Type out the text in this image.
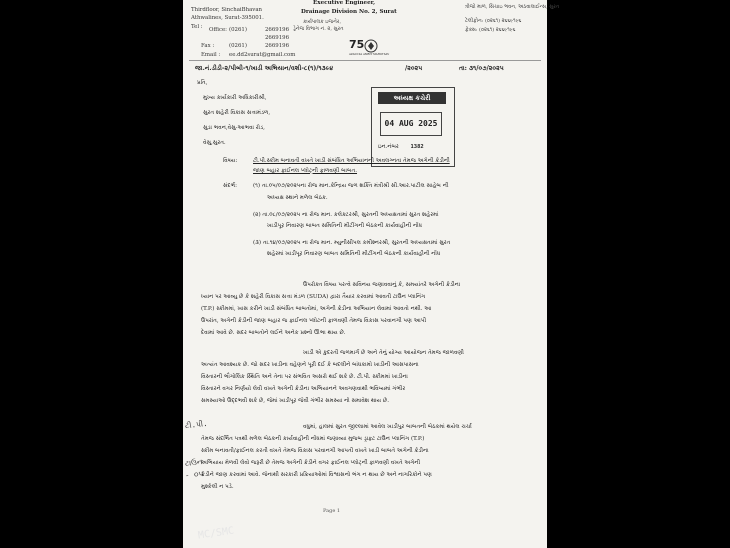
Thirdfloor, SinchaiBhavan
Athwalines, Surat-395001.
Tel : Office: (0261)	2669196
2669196
Fax :	(0261)	2669196
Email : ee.dd2surat@gmail.com
Executive Engineer,
Drainage Division No. 2, Surat
કાર્યપાલક ઇજનેર,
ડ્રેનેજ વિભાગ નં. ૨, સુરત
ત્રીજો માળ, સિંચાઇ ભવન, અઠવાલાઈન્સ, સુરત
ટેલીફોન: (૦૨૬૧) ૨૬૬૯૧૯૬
ફેક્સ: (૦૨૬૧) ૨૬૬૯૧૯૬
75
AZADI KA AMRIT MAHOTSAV
જા.નં.ડીડી-૨/પીબી-૧/ખાડી અભિયાન/વશી-૮(૧)/૧૩૯૪	/૨૦૨૫	તા: ૩૧/૦૭/૨૦૨૫
પ્રતિ,
મુખ્ય કાર્યકારી અધિકારીશ્રી,
સુરત શહેરી વિકાસ સત્તામંડળ,
સુડા ભવન,વેસુ-આભવા રોડ,
વેસુ,સુરત.
અધ્યક્ષ કચેરી
04 AUG 2025
ઇન.નંબર 1382
વિષય:	ટી.પી.સ્કીમ બનાવતી વખતે ખાડી સંબંધિત અભિયાનની અવલગ્નતા તેમજ અગેની ક્રેડીની
જાણ બહાર ફાઈનલ પ્લોટ્ની ફાળવણી બાબત.
સંદર્ભ:	(૧) તા.૦૫/૦૭/૨૦૨૫ના રોજ માન.કેન્દ્રિય જળ શક્તિ મંત્રીશ્રી સી.આર.પાટીલ સાહેબ ની
અધ્યક્ષ સ્થાને મળેલ બેઠક.
(૨) તા.૦૮/૦૭/૨૦૨૫ ના રોજ માન. કલેક્ટરશ્રી, સુરતની અધ્યક્ષતામાં સુરત શહેરમાં
ખાડીપૂર નિવારણ બાબત સમિતિની મીટીંગની બેઠકની કાર્યવાહીની નોંધ
(૩) તા.૧૪/૦૭/૨૦૨૫ ના રોજ માન. મ્યુનીસીપલ કમીશ્નરશ્રી, સુરતની અધ્યક્ષતામાં સુરત
શહેરમાં ખાડીપૂર નિવારણ બાબત સમિતિની મીટીંગની બેઠકની કાર્યવાહીની નોંધ
ઉપરોક્ત વિષય પરત્વે સવિનય જણાવવાનું કે, સમયાંતરે અગેની ક્રેડીના
ધ્યાન પર આવ્યુ છે કે શહેરી વિકાસ સત્તા મંડળ (SUDA) દ્વારા તૈયાર કરવામાં આવતી ટાઉન પ્લાનિંગ
(T.P.) સ્કીમમાં, ખાસ કરીને ખાડી સંબંધિત બાબતોમાં, અગેની ક્રેડીના અભિયાન લેવામાં આવતો નથી. આ
ઉપરાંત, અગેની ક્રેડીની જાણ બહાર જ ફાઈનલ પ્લોટની ફાળવણી તેમજ વિકાસ પરવાનગી પણ આપી
દેવામાં આવે છે. સદર બાબતોને લઈને અનેક પ્રશ્નો ઊભા થાય છે.
ખાડી એ કુદરતી જળમાર્ગ છે અને તેનું યોગ્ય આયોજન તેમજ જાળવણી
અત્યંત આવશ્યક છે. જો સદર ખાડીના વહેણને પૂરી દઈ કે બદલીને બાંધકામો ખાડીની આસપાસના
વિસ્તારની ભૌગોલિક સ્થિતિ અને તેના પર સંભવિત અસરો થઈ શકે છે. ટી.પી. સ્કીમમાં ખાડીના
વિસ્તારને વગર નિર્ણયો લેવી વખતે અગેની ક્રેડીના અભિયાનને અવગણવાથી ભવિષ્યમાં ગંભીર
સમસ્યાઓ ઉદ્દભવી શકે છે, જેમાં ખાડીપૂર જેવી ગંભીર સમસ્યા નો સમાવેશ થાય છે.
વધુમાં, હાલમાં સુરત જીલ્લામાં આવેલ ખાડીપુર બાબતની બેઠકમાં થયેલ ચર્ચા
તેમજ સંદર્ભિત પત્રથી મળેલ બેઠકની કાર્યવાહીની નોંધમાં જણાવ્યા મુજબ ડ્રાફ્ટ ટાઉન પ્લાનિંગ (T.P.)
સ્કીમ બનાવતી/ફાઈનલ કરતી વખતે તેમજ વિકાસ પરવાનગી આપતી વખતે ખાડી બાબતે અગેની ક્રેડીના
અભિયાય મેળવી લેવો જરૂરી છે તેમજ અગેની ક્રેડીને વગર ફાઈનલ પ્લોટ્ની ફાળવણી વખતે અગેની
ક્રેડીને જાણ કરવામાં આવે. જેનાથી સરકારી પ્રક્રિયાઓમાં વિશ્વાસનો ભંગ ન થાય છે અને નાગરિકોને પણ
મુશ્કેલી ન પડે.
ટી.પી.
ટાઉન
- ૦૫
Page 1
MC/SMC
